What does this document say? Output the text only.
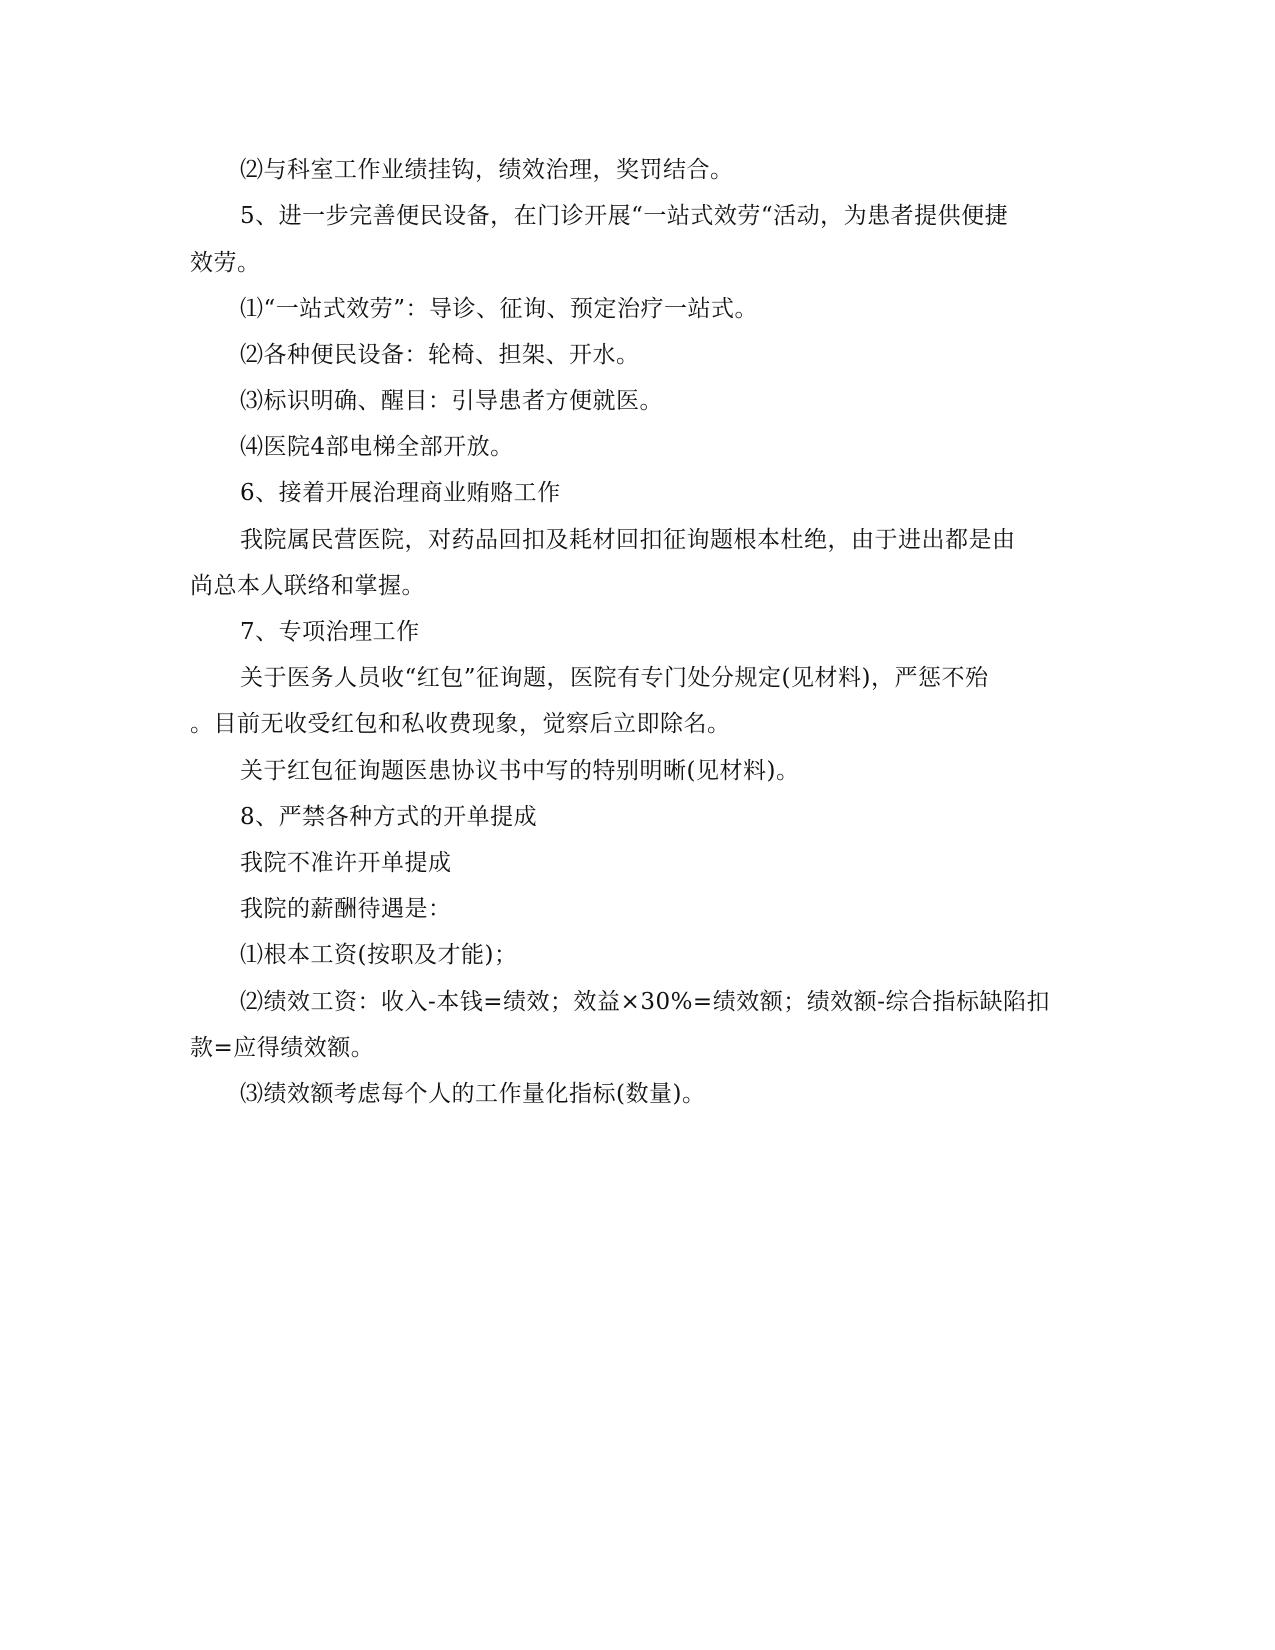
⑵与科室工作业绩挂钩，绩效治理，奖罚结合。
5、进一步完善便民设备，在门诊开展“一站式效劳“活动，为患者提供便捷
效劳。
⑴“一站式效劳”：导诊、征询、预定治疗一站式。
⑵各种便民设备：轮椅、担架、开水。
⑶标识明确、醒目：引导患者方便就医。
⑷医院4部电梯全部开放。
6、接着开展治理商业贿赂工作
我院属民营医院，对药品回扣及耗材回扣征询题根本杜绝，由于进出都是由
尚总本人联络和掌握。
7、专项治理工作
关于医务人员收“红包”征询题，医院有专门处分规定(见材料)，严惩不殆
。目前无收受红包和私收费现象，觉察后立即除名。
关于红包征询题医患协议书中写的特别明晰(见材料)。
8、严禁各种方式的开单提成
我院不准许开单提成
我院的薪酬待遇是：
⑴根本工资(按职及才能)；
⑵绩效工资：收入-本钱=绩效；效益×30%=绩效额；绩效额-综合指标缺陷扣
款=应得绩效额。
⑶绩效额考虑每个人的工作量化指标(数量)。
